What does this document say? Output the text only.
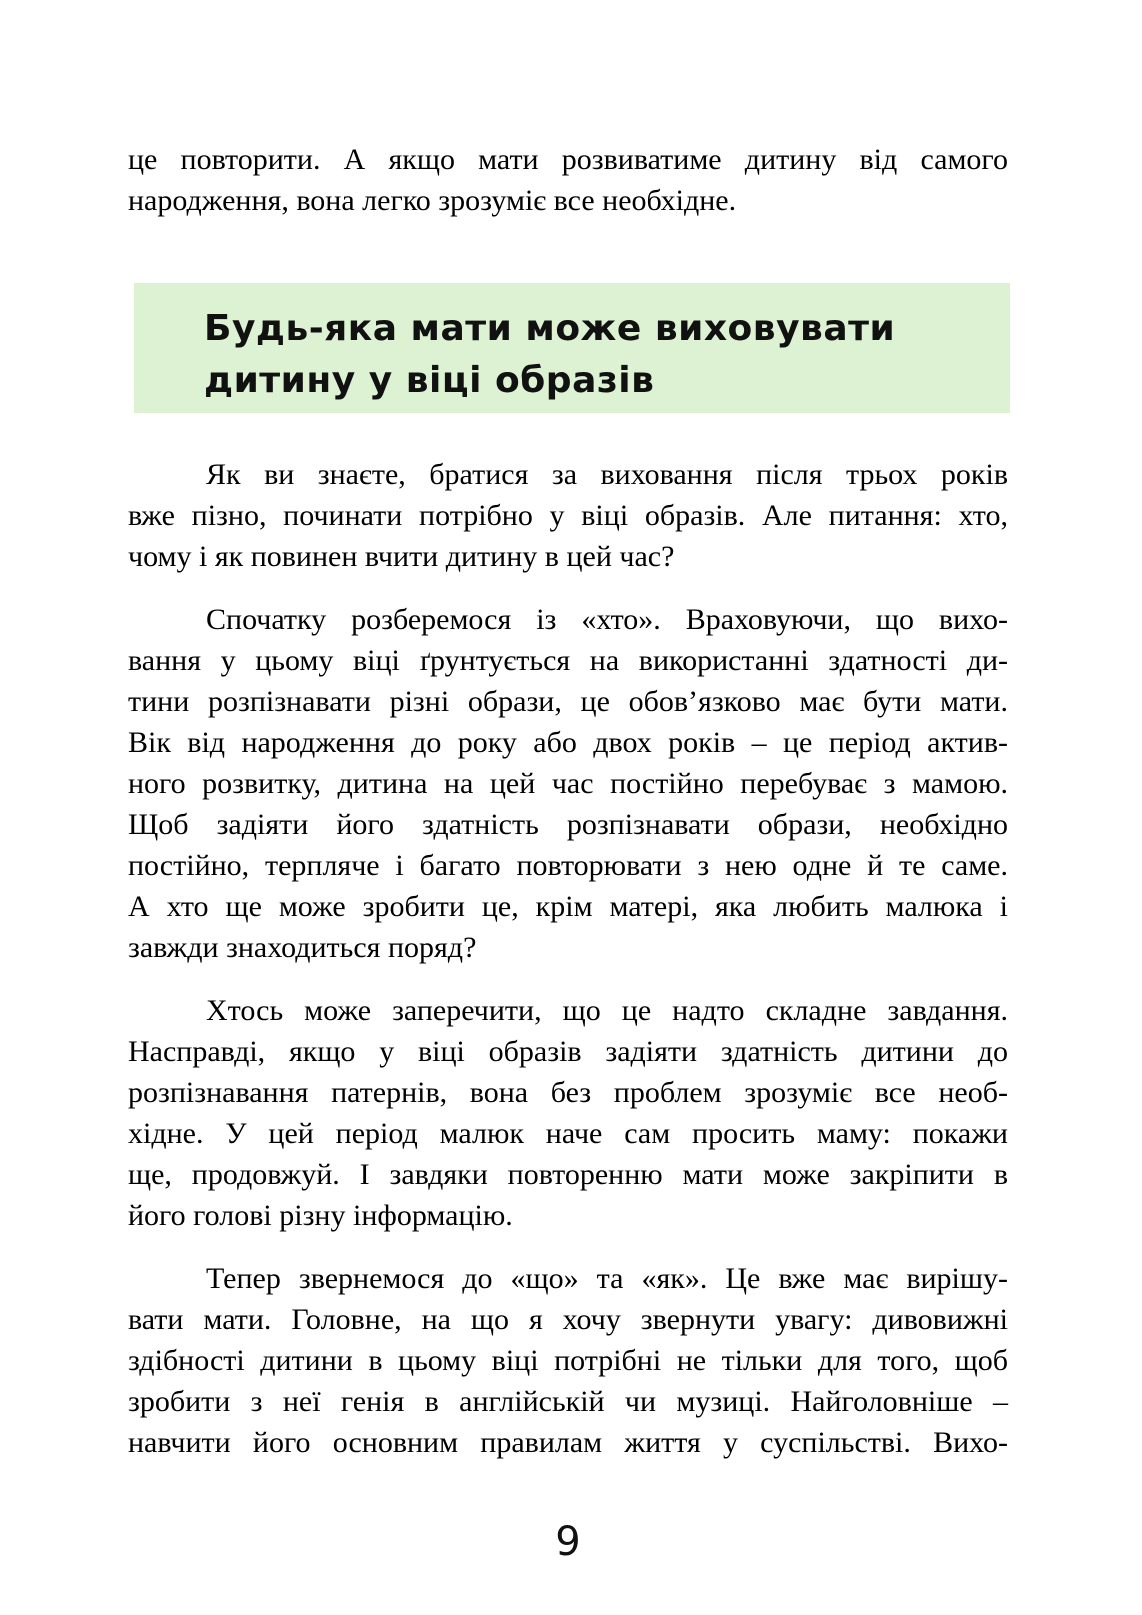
це повторити. А якщо мати розвиватиме дитину від самого
народження, вона легко зрозуміє все необхідне.
Будь-яка мати може виховувати
дитину у віці образів
Як ви знаєте, братися за виховання після трьох років
вже пізно, починати потрібно у віці образів. Але питання: хто,
чому і як повинен вчити дитину в цей час?
Спочатку розберемося із «хто». Враховуючи, що вихо-
вання у цьому віці ґрунтується на використанні здатності ди-
тини розпізнавати різні образи, це обов’язково має бути мати.
Вік від народження до року або двох років – це період актив-
ного розвитку, дитина на цей час постійно перебуває з мамою.
Щоб задіяти його здатність розпізнавати образи, необхідно
постійно, терпляче і багато повторювати з нею одне й те саме.
А хто ще може зробити це, крім матері, яка любить малюка і
завжди знаходиться поряд?
Хтось може заперечити, що це надто складне завдання.
Насправді, якщо у віці образів задіяти здатність дитини до
розпізнавання патернів, вона без проблем зрозуміє все необ-
хідне. У цей період малюк наче сам просить маму: покажи
ще, продовжуй. І завдяки повторенню мати може закріпити в
його голові різну інформацію.
Тепер звернемося до «що» та «як». Це вже має вирішу-
вати мати. Головне, на що я хочу звернути увагу: дивовижні
здібності дитини в цьому віці потрібні не тільки для того, щоб
зробити з неї генія в англійській чи музиці. Найголовніше –
навчити його основним правилам життя у суспільстві. Вихо-
9
